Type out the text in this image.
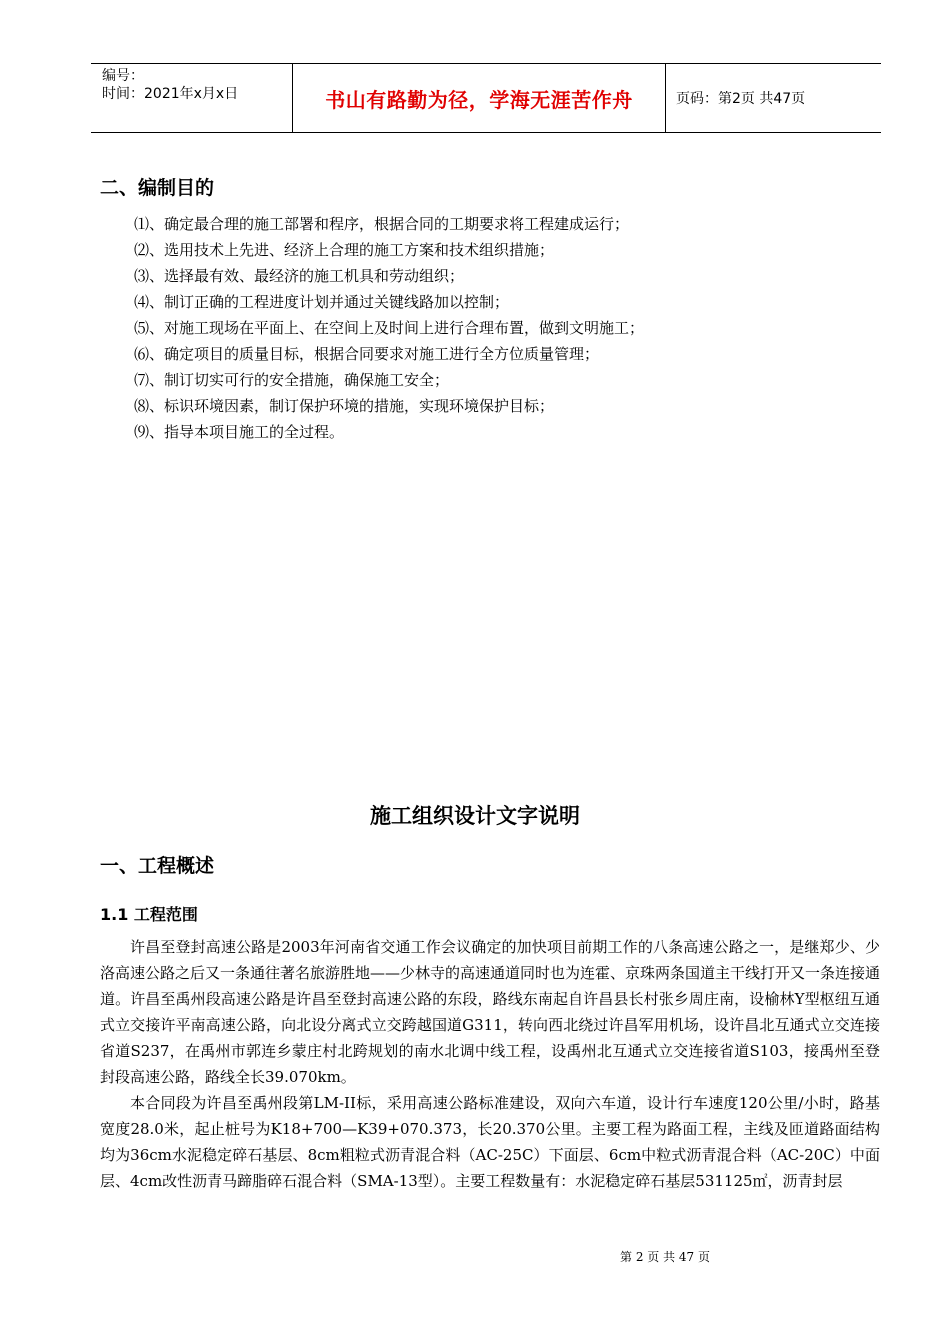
编号：
时间：2021年x月x日	书山有路勤为径，学海无涯苦作舟	页码：第2页 共47页
二、编制目的
⑴、确定最合理的施工部署和程序，根据合同的工期要求将工程建成运行；
⑵、选用技术上先进、经济上合理的施工方案和技术组织措施；
⑶、选择最有效、最经济的施工机具和劳动组织；
⑷、制订正确的工程进度计划并通过关键线路加以控制；
⑸、对施工现场在平面上、在空间上及时间上进行合理布置，做到文明施工；
⑹、确定项目的质量目标，根据合同要求对施工进行全方位质量管理；
⑺、制订切实可行的安全措施，确保施工安全；
⑻、标识环境因素，制订保护环境的措施，实现环境保护目标；
⑼、指导本项目施工的全过程。
施工组织设计文字说明
一、工程概述
1.1 工程范围

许昌至登封高速公路是2003年河南省交通工作会议确定的加快项目前期工作的八条高速公路之一，是继郑少、少洛高速公路之后又一条通往著名旅游胜地——少林寺的高速通道同时也为连霍、京珠两条国道主干线打开又一条连接通道。许昌至禹州段高速公路是许昌至登封高速公路的东段，路线东南起自许昌县长村张乡周庄南，设榆林Y型枢纽互通式立交接许平南高速公路，向北设分离式立交跨越国道G311，转向西北绕过许昌军用机场，设许昌北互通式立交连接省道S237，在禹州市郭连乡蒙庄村北跨规划的南水北调中线工程，设禹州北互通式立交连接省道S103，接禹州至登封段高速公路，路线全长39.070km。

本合同段为许昌至禹州段第LM-II标，采用高速公路标准建设，双向六车道，设计行车速度120公里/小时，路基宽度28.0米，起止桩号为K18+700—K39+070.373，长20.370公里。主要工程为路面工程，主线及匝道路面结构均为36cm水泥稳定碎石基层、8cm粗粒式沥青混合料（AC-25C）下面层、6cm中粒式沥青混合料（AC-20C）中面层、4cm改性沥青马蹄脂碎石混合料（SMA-13型）。主要工程数量有：水泥稳定碎石基层531125㎡，沥青封层

第 2 页 共 47 页
